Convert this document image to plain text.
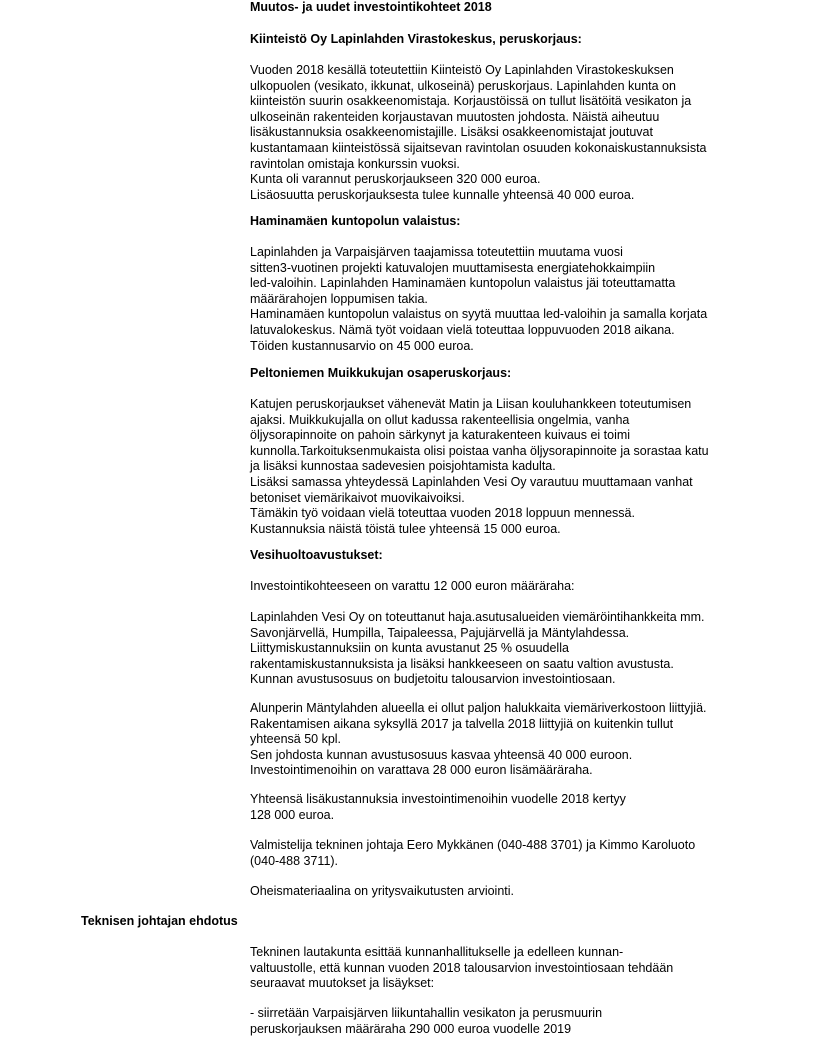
Muutos- ja uudet investointikohteet 2018
Kiinteistö Oy Lapinlahden Virastokeskus, peruskorjaus:
Vuoden 2018 kesällä toteutettiin Kiinteistö Oy Lapinlahden Virastokeskuksen
ulkopuolen (vesikato, ikkunat, ulkoseinä) peruskorjaus. Lapinlahden kunta on
kiinteistön suurin osakkeenomistaja. Korjaustöissä on tullut lisätöitä vesikaton ja
ulkoseinän rakenteiden korjaustavan muutosten johdosta. Näistä aiheutuu
lisäkustannuksia osakkeenomistajille. Lisäksi osakkeenomistajat joutuvat
kustantamaan kiinteistössä sijaitsevan ravintolan osuuden kokonaiskustannuksista
ravintolan omistaja konkurssin vuoksi.
Kunta oli varannut peruskorjaukseen 320 000 euroa.
Lisäosuutta peruskorjauksesta tulee kunnalle yhteensä 40 000 euroa.
Haminamäen kuntopolun valaistus:
Lapinlahden ja Varpaisjärven taajamissa toteutettiin muutama vuosi
sitten3-vuotinen projekti katuvalojen muuttamisesta energiatehokkaimpiin
led-valoihin. Lapinlahden Haminamäen kuntopolun valaistus jäi toteuttamatta
määrärahojen loppumisen takia.
Haminamäen kuntopolun valaistus on syytä muuttaa led-valoihin ja samalla korjata
latuvalokeskus. Nämä työt voidaan vielä toteuttaa loppuvuoden 2018 aikana.
Töiden kustannusarvio on 45 000 euroa.
Peltoniemen Muikkukujan osaperuskorjaus:
Katujen peruskorjaukset vähenevät Matin ja Liisan kouluhankkeen toteutumisen
ajaksi. Muikkukujalla on ollut kadussa rakenteellisia ongelmia, vanha
öljysorapinnoite on pahoin särkynyt ja katurakenteen kuivaus ei toimi
kunnolla.Tarkoituksenmukaista olisi poistaa vanha öljysorapinnoite ja sorastaa katu
ja lisäksi kunnostaa sadevesien poisjohtamista kadulta.
Lisäksi samassa yhteydessä Lapinlahden Vesi Oy varautuu muuttamaan vanhat
betoniset viemärikaivot muovikaivoiksi.
Tämäkin työ voidaan vielä toteuttaa vuoden 2018 loppuun mennessä.
Kustannuksia näistä töistä tulee yhteensä 15 000 euroa.
Vesihuoltoavustukset:
Investointikohteeseen on varattu 12 000 euron määräraha:
Lapinlahden Vesi Oy on toteuttanut haja.asutusalueiden viemäröintihankkeita mm.
Savonjärvellä, Humpilla, Taipaleessa, Pajujärvellä ja Mäntylahdessa.
Liittymiskustannuksiin on kunta avustanut 25 % osuudella
rakentamiskustannuksista ja lisäksi hankkeeseen on saatu valtion avustusta.
Kunnan avustusosuus on budjetoitu talousarvion investointiosaan.
Alunperin Mäntylahden alueella ei ollut paljon halukkaita viemäriverkostoon liittyjiä.
Rakentamisen aikana syksyllä 2017 ja talvella 2018 liittyjiä on kuitenkin tullut
yhteensä 50 kpl.
Sen johdosta kunnan avustusosuus kasvaa yhteensä 40 000 euroon.
Investointimenoihin on varattava 28 000 euron lisämääräraha.
Yhteensä lisäkustannuksia investointimenoihin vuodelle 2018 kertyy
128 000 euroa.
Valmistelija tekninen johtaja Eero Mykkänen (040-488 3701) ja Kimmo Karoluoto
(040-488 3711).
Oheismateriaalina on yritysvaikutusten arviointi.
Teknisen johtajan ehdotus
Tekninen lautakunta esittää kunnanhallitukselle ja edelleen kunnan-
valtuustolle, että kunnan vuoden 2018 talousarvion investointiosaan tehdään
seuraavat muutokset ja lisäykset:
- siirretään Varpaisjärven liikuntahallin vesikaton ja perusmuurin
peruskorjauksen määräraha 290 000 euroa vuodelle 2019
